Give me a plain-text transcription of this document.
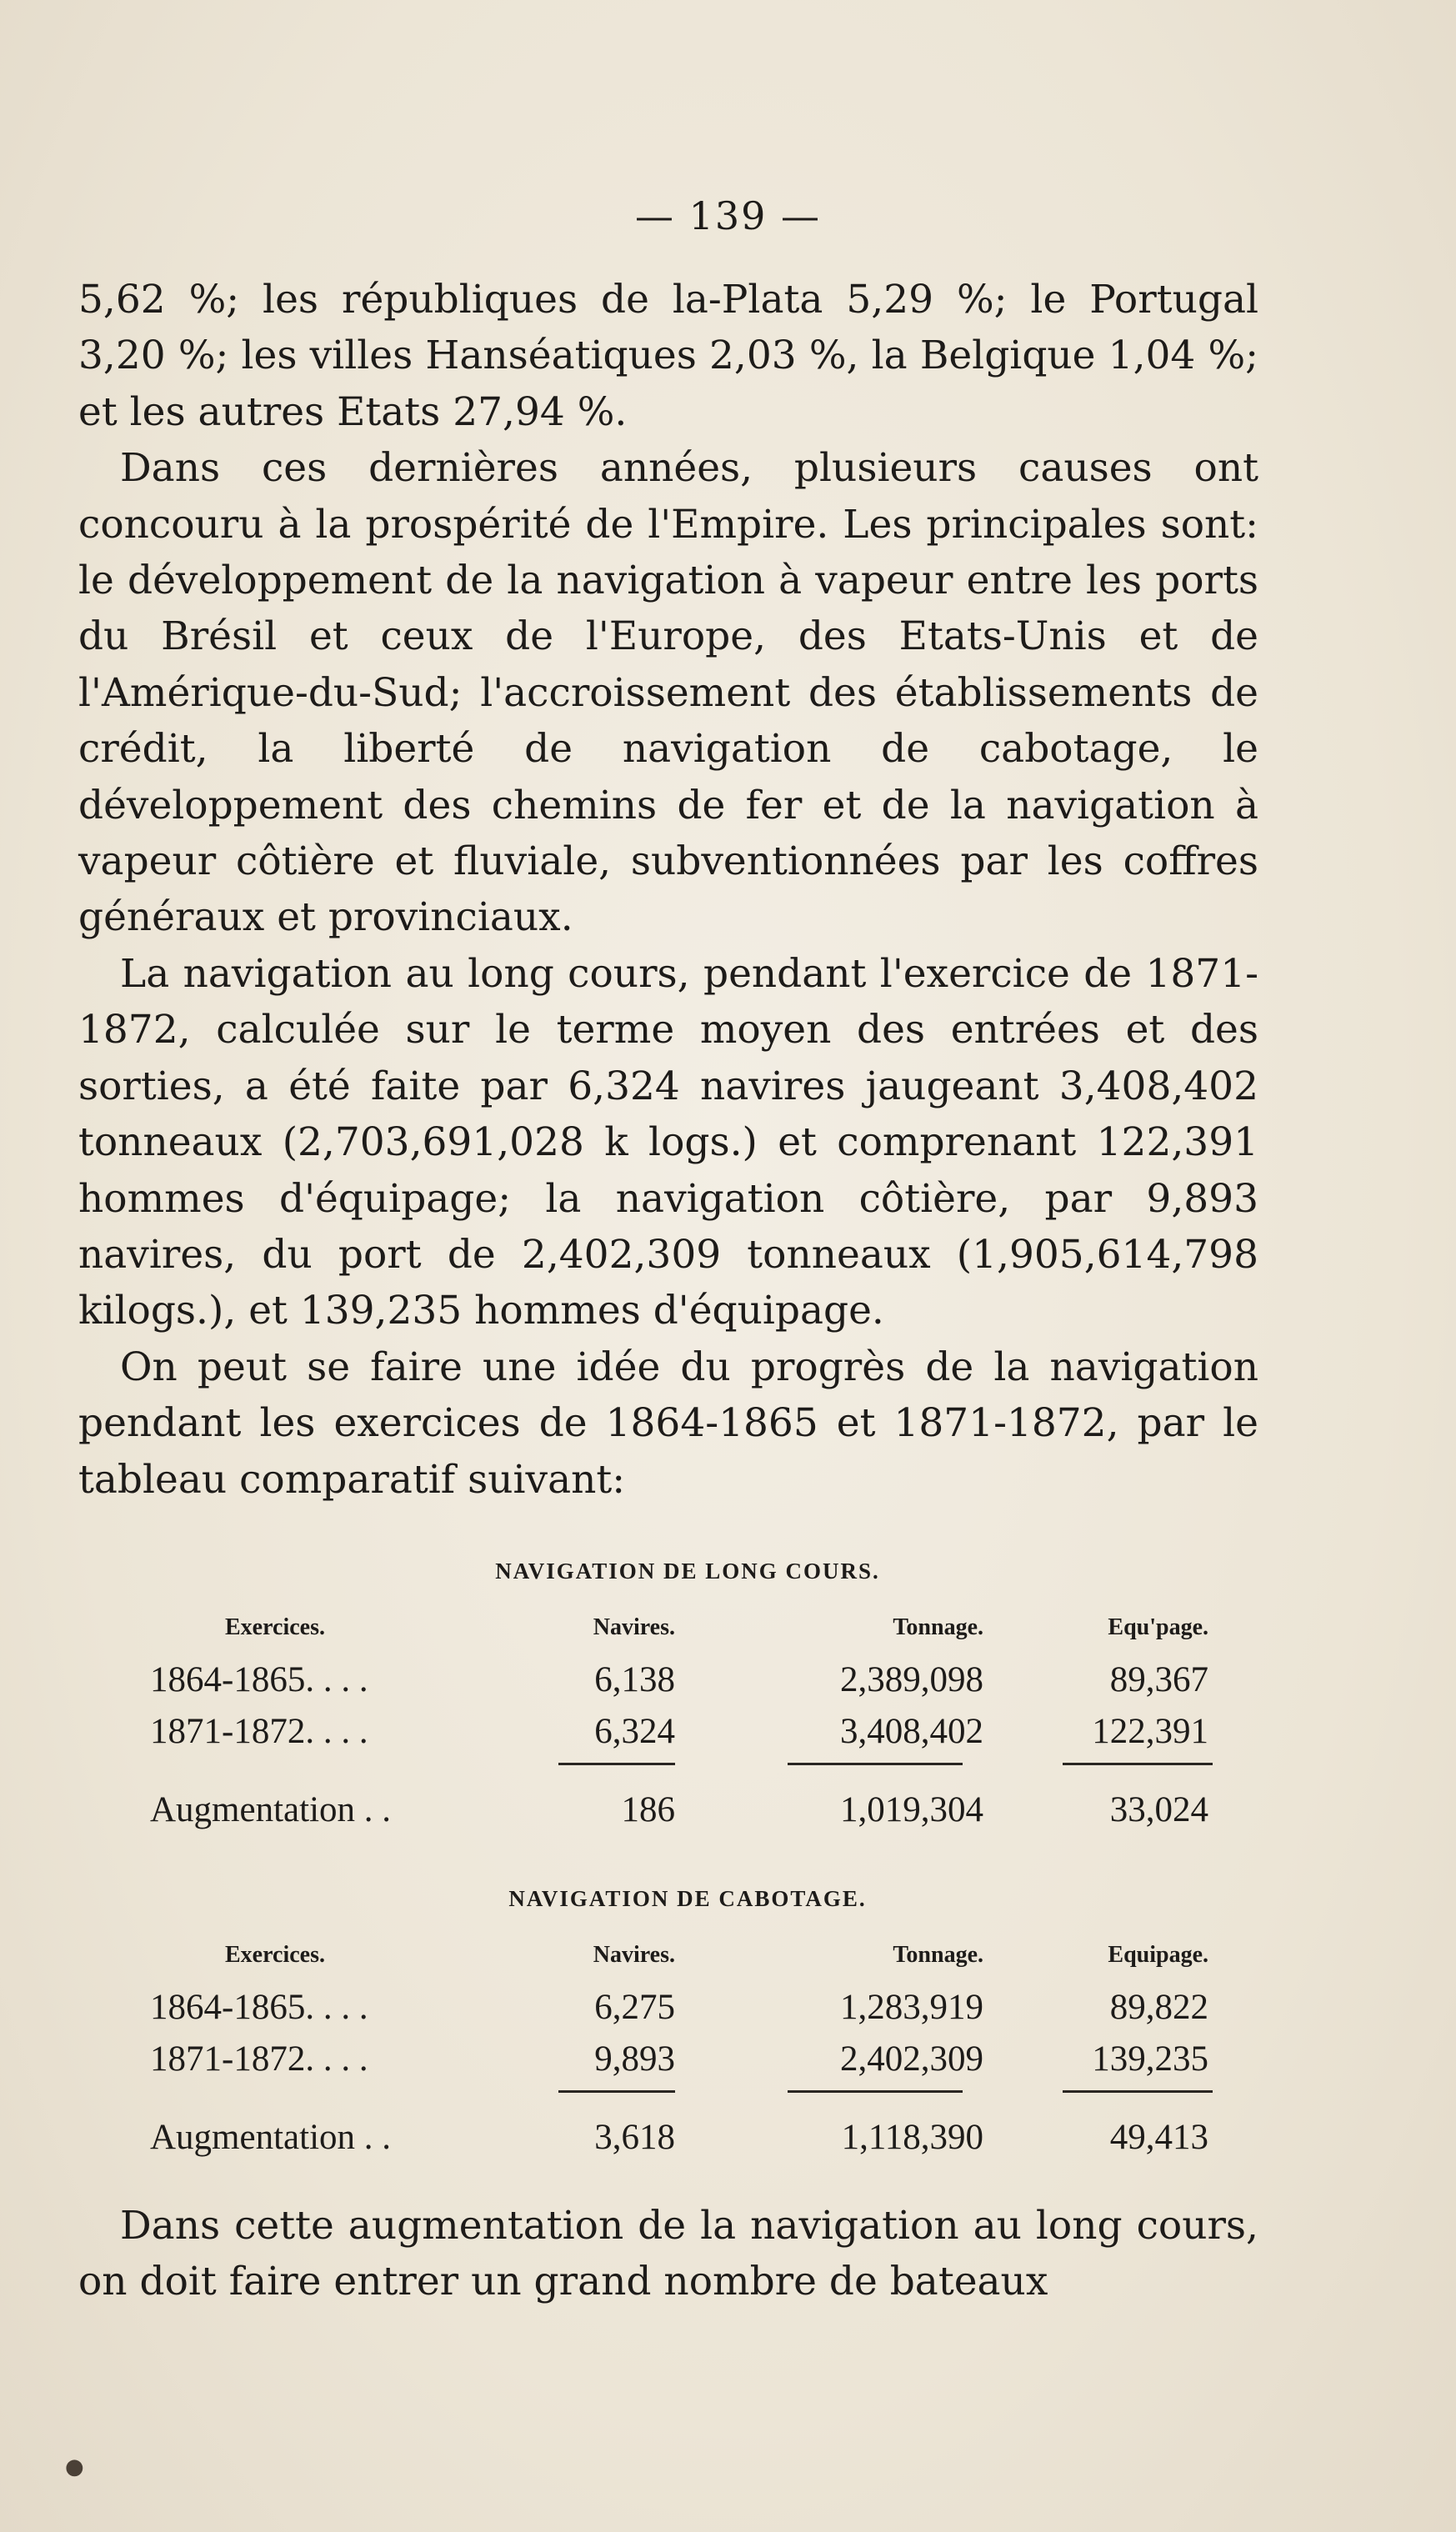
— 139 —

5,62 %; les républiques de la-Plata 5,29 %; le Portugal 3,20 %; les villes Hanséatiques 2,03 %, la Belgique 1,04 %; et les autres Etats 27,94 %.

Dans ces dernières années, plusieurs causes ont concouru à la prospérité de l'Empire. Les principales sont: le développement de la navigation à vapeur entre les ports du Brésil et ceux de l'Europe, des Etats-Unis et de l'Amérique-du-Sud; l'accroissement des établissements de crédit, la liberté de navigation de cabotage, le développement des chemins de fer et de la navigation à vapeur côtière et fluviale, subventionnées par les coffres généraux et provinciaux.

La navigation au long cours, pendant l'exercice de 1871-1872, calculée sur le terme moyen des entrées et des sorties, a été faite par 6,324 navires jaugeant 3,408,402 tonneaux (2,703,691,028 k logs.) et comprenant 122,391 hommes d'équipage; la navigation côtière, par 9,893 navires, du port de 2,402,309 tonneaux (1,905,614,798 kilogs.), et 139,235 hommes d'équipage.

On peut se faire une idée du progrès de la navigation pendant les exercices de 1864-1865 et 1871-1872, par le tableau comparatif suivant:

NAVIGATION DE LONG COURS.
Exercices.	Navires.	Tonnage.	Equ'page.
1864-1865. . . .	6,138	2,389,098	89,367
1871-1872. . . .	6,324	3,408,402	122,391
Augmentation . .	186	1,019,304	33,024
NAVIGATION DE CABOTAGE.
Exercices.	Navires.	Tonnage.	Equipage.
1864-1865. . . .	6,275	1,283,919	89,822
1871-1872. . . .	9,893	2,402,309	139,235
Augmentation . .	3,618	1,118,390	49,413

Dans cette augmentation de la navigation au long cours, on doit faire entrer un grand nombre de bateaux

●
